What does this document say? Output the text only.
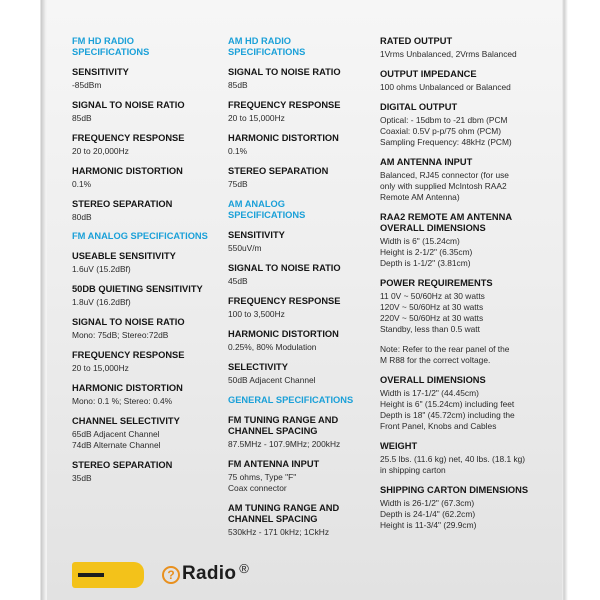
FM HD RADIO
SPECIFICATIONS
SENSITIVITY
-85dBm
SIGNAL TO NOISE RATIO
85dB
FREQUENCY RESPONSE
20 to 20,000Hz
HARMONIC DISTORTION
0.1%
STEREO SEPARATION
80dB
FM ANALOG SPECIFICATIONS
USEABLE SENSITIVITY
1.6uV (15.2dBf)
50DB QUIETING SENSITIVITY
1.8uV (16.2dBf)
SIGNAL TO NOISE RATIO
Mono: 75dB; Stereo:72dB
FREQUENCY RESPONSE
20 to 15,000Hz
HARMONIC DISTORTION
Mono: 0.1 %; Stereo: 0.4%
CHANNEL SELECTIVITY
65dB Adjacent Channel
74dB Alternate Channel
STEREO SEPARATION
35dB
AM HD RADIO
SPECIFICATIONS
SIGNAL TO NOISE RATIO
85dB
FREQUENCY RESPONSE
20 to 15,000Hz
HARMONIC DISTORTION
0.1%
STEREO SEPARATION
75dB
AM ANALOG
SPECIFICATIONS
SENSITIVITY
550uV/m
SIGNAL TO NOISE RATIO
45dB
FREQUENCY RESPONSE
100 to 3,500Hz
HARMONIC DISTORTION
0.25%, 80% Modulation
SELECTIVITY
50dB Adjacent Channel
GENERAL SPECIFICATIONS
FM TUNING RANGE AND
CHANNEL SPACING
87.5MHz - 107.9MHz; 200kHz
FM ANTENNA INPUT
75 ohms, Type "F"
Coax connector
AM TUNING RANGE AND
CHANNEL SPACING
530kHz - 171 0kHz; 1CkHz
RATED OUTPUT
1Vrms Unbalanced, 2Vrms Balanced
OUTPUT IMPEDANCE
100 ohms Unbalanced or Balanced
DIGITAL OUTPUT
Optical: - 15dbm to -21 dbm (PCM
Coaxial: 0.5V p-p/75 ohm (PCM)
Sampling Frequency: 48kHz (PCM)
AM ANTENNA INPUT
Balanced, RJ45 connector (for use
only with supplied McIntosh RAA2
Remote AM Antenna)
RAA2 REMOTE AM ANTENNA
OVERALL DIMENSIONS
Width is 6" (15.24cm)
Height is 2-1/2" (6.35cm)
Depth is 1-1/2" (3.81cm)
POWER REQUIREMENTS
11 0V ~ 50/60Hz at 30 watts
120V ~ 50/60Hz at 30 watts
220V ~ 50/60Hz at 30 watts
Standby, less than 0.5 watt
Note: Refer to the rear panel of the
M R88 for the correct voltage.
OVERALL DIMENSIONS
Width is 17-1/2" (44.45cm)
Height is 6" (15.24cm) including feet
Depth is 18" (45.72cm) including the
Front Panel, Knobs and Cables
WEIGHT
25.5 lbs. (11.6 kg) net, 40 lbs. (18.1 kg)
in shipping carton
SHIPPING CARTON DIMENSIONS
Width is 26-1/2" (67.3cm)
Depth is 24-1/4" (62.2cm)
Height is 11-3/4" (29.9cm)
? Radio ®
